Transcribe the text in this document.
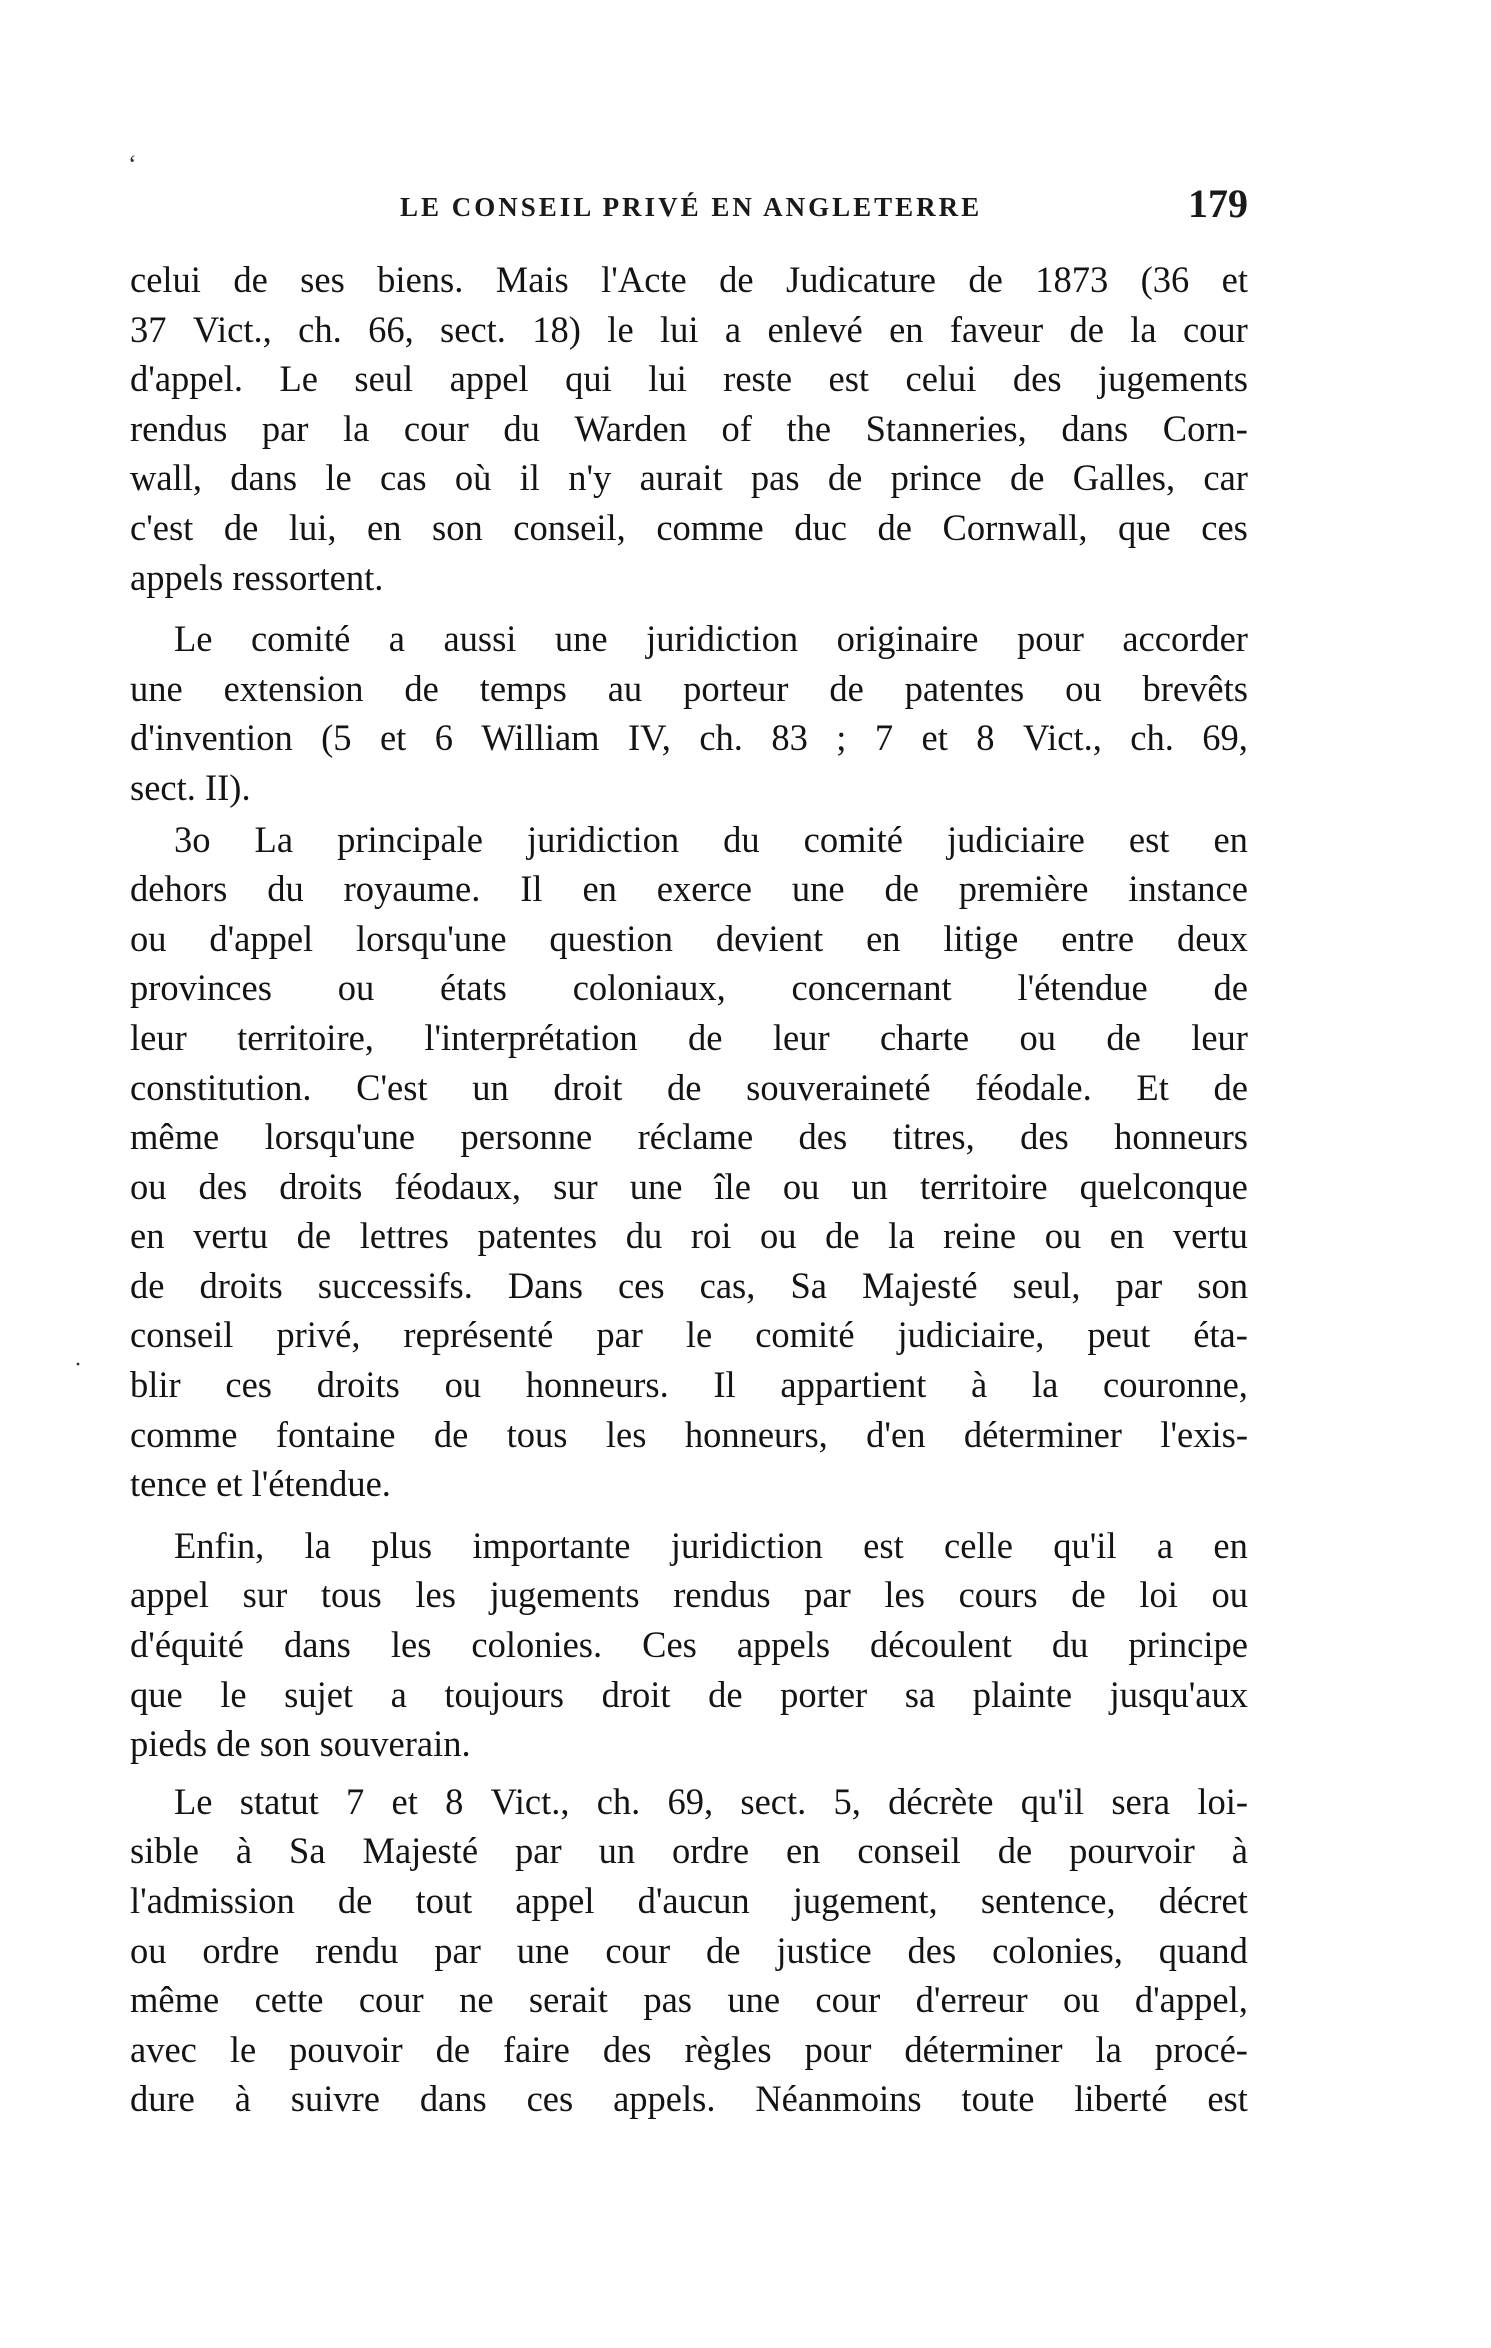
ʻ
·
LE CONSEIL PRIVÉ EN ANGLETERRE	179

celui de ses biens. Mais l'Acte de Judicature de 1873 (36 et
37 Vict., ch. 66, sect. 18) le lui a enlevé en faveur de la cour
d'appel. Le seul appel qui lui reste est celui des jugements
rendus par la cour du Warden of the Stanneries, dans Corn-
wall, dans le cas où il n'y aurait pas de prince de Galles, car
c'est de lui, en son conseil, comme duc de Cornwall, que ces
appels ressortent.

Le comité a aussi une juridiction originaire pour accorder
une extension de temps au porteur de patentes ou brevêts
d'invention (5 et 6 William IV, ch. 83 ; 7 et 8 Vict., ch. 69,
sect. II).

3o La principale juridiction du comité judiciaire est en
dehors du royaume. Il en exerce une de première instance
ou d'appel lorsqu'une question devient en litige entre deux
provinces ou états coloniaux, concernant l'étendue de
leur territoire, l'interprétation de leur charte ou de leur
constitution. C'est un droit de souveraineté féodale. Et de
même lorsqu'une personne réclame des titres, des honneurs
ou des droits féodaux, sur une île ou un territoire quelconque
en vertu de lettres patentes du roi ou de la reine ou en vertu
de droits successifs. Dans ces cas, Sa Majesté seul, par son
conseil privé, représenté par le comité judiciaire, peut éta-
blir ces droits ou honneurs. Il appartient à la couronne,
comme fontaine de tous les honneurs, d'en déterminer l'exis-
tence et l'étendue.

Enfin, la plus importante juridiction est celle qu'il a en
appel sur tous les jugements rendus par les cours de loi ou
d'équité dans les colonies. Ces appels découlent du principe
que le sujet a toujours droit de porter sa plainte jusqu'aux
pieds de son souverain.

Le statut 7 et 8 Vict., ch. 69, sect. 5, décrète qu'il sera loi-
sible à Sa Majesté par un ordre en conseil de pourvoir à
l'admission de tout appel d'aucun jugement, sentence, décret
ou ordre rendu par une cour de justice des colonies, quand
même cette cour ne serait pas une cour d'erreur ou d'appel,
avec le pouvoir de faire des règles pour déterminer la procé-
dure à suivre dans ces appels. Néanmoins toute liberté est
